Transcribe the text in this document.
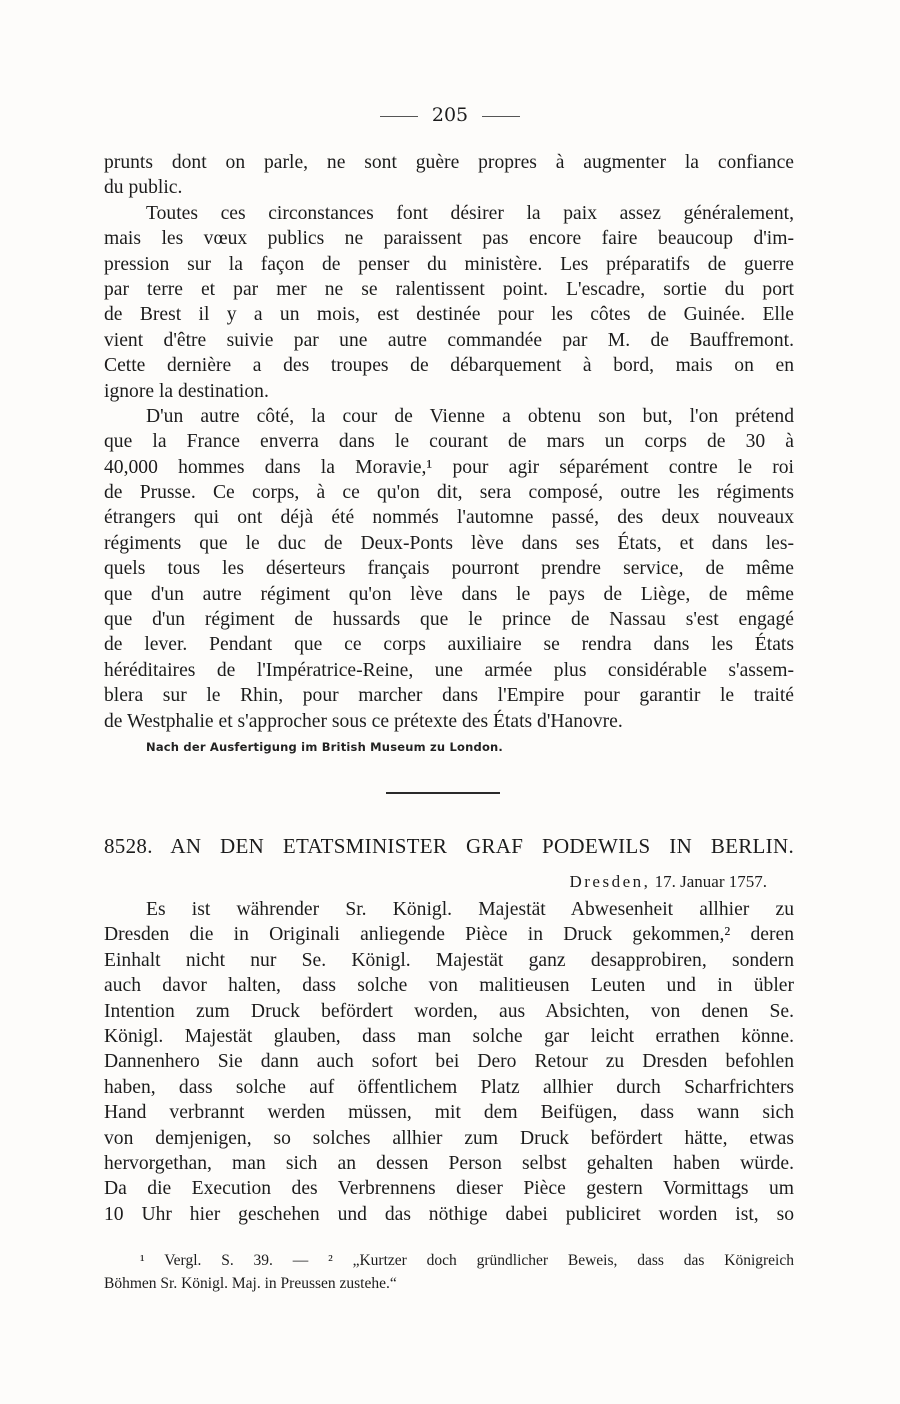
205
prunts dont on parle, ne sont guère propres à augmenter la confiance
du public.
Toutes ces circonstances font désirer la paix assez généralement,
mais les vœux publics ne paraissent pas encore faire beaucoup d'im-
pression sur la façon de penser du ministère. Les préparatifs de guerre
par terre et par mer ne se ralentissent point. L'escadre, sortie du port
de Brest il y a un mois, est destinée pour les côtes de Guinée. Elle
vient d'être suivie par une autre commandée par M. de Bauffremont.
Cette dernière a des troupes de débarquement à bord, mais on en
ignore la destination.
D'un autre côté, la cour de Vienne a obtenu son but, l'on prétend
que la France enverra dans le courant de mars un corps de 30 à
40,000 hommes dans la Moravie,¹ pour agir séparément contre le roi
de Prusse. Ce corps, à ce qu'on dit, sera composé, outre les régiments
étrangers qui ont déjà été nommés l'automne passé, des deux nouveaux
régiments que le duc de Deux-Ponts lève dans ses États, et dans les-
quels tous les déserteurs français pourront prendre service, de même
que d'un autre régiment qu'on lève dans le pays de Liège, de même
que d'un régiment de hussards que le prince de Nassau s'est engagé
de lever. Pendant que ce corps auxiliaire se rendra dans les États
héréditaires de l'Impératrice-Reine, une armée plus considérable s'assem-
blera sur le Rhin, pour marcher dans l'Empire pour garantir le traité
de Westphalie et s'approcher sous ce prétexte des États d'Hanovre.
Nach der Ausfertigung im British Museum zu London.
8528. AN DEN ETATSMINISTER GRAF PODEWILS IN BERLIN.
Dresden, 17. Januar 1757.
Es ist währender Sr. Königl. Majestät Abwesenheit allhier zu
Dresden die in Originali anliegende Pièce in Druck gekommen,² deren
Einhalt nicht nur Se. Königl. Majestät ganz desapprobiren, sondern
auch davor halten, dass solche von malitieusen Leuten und in übler
Intention zum Druck befördert worden, aus Absichten, von denen Se.
Königl. Majestät glauben, dass man solche gar leicht errathen könne.
Dannenhero Sie dann auch sofort bei Dero Retour zu Dresden befohlen
haben, dass solche auf öffentlichem Platz allhier durch Scharfrichters
Hand verbrannt werden müssen, mit dem Beifügen, dass wann sich
von demjenigen, so solches allhier zum Druck befördert hätte, etwas
hervorgethan, man sich an dessen Person selbst gehalten haben würde.
Da die Execution des Verbrennens dieser Pièce gestern Vormittags um
10 Uhr hier geschehen und das nöthige dabei publiciret worden ist, so
¹ Vergl. S. 39. — ² „Kurtzer doch gründlicher Beweis, dass das Königreich
Böhmen Sr. Königl. Maj. in Preussen zustehe.“
